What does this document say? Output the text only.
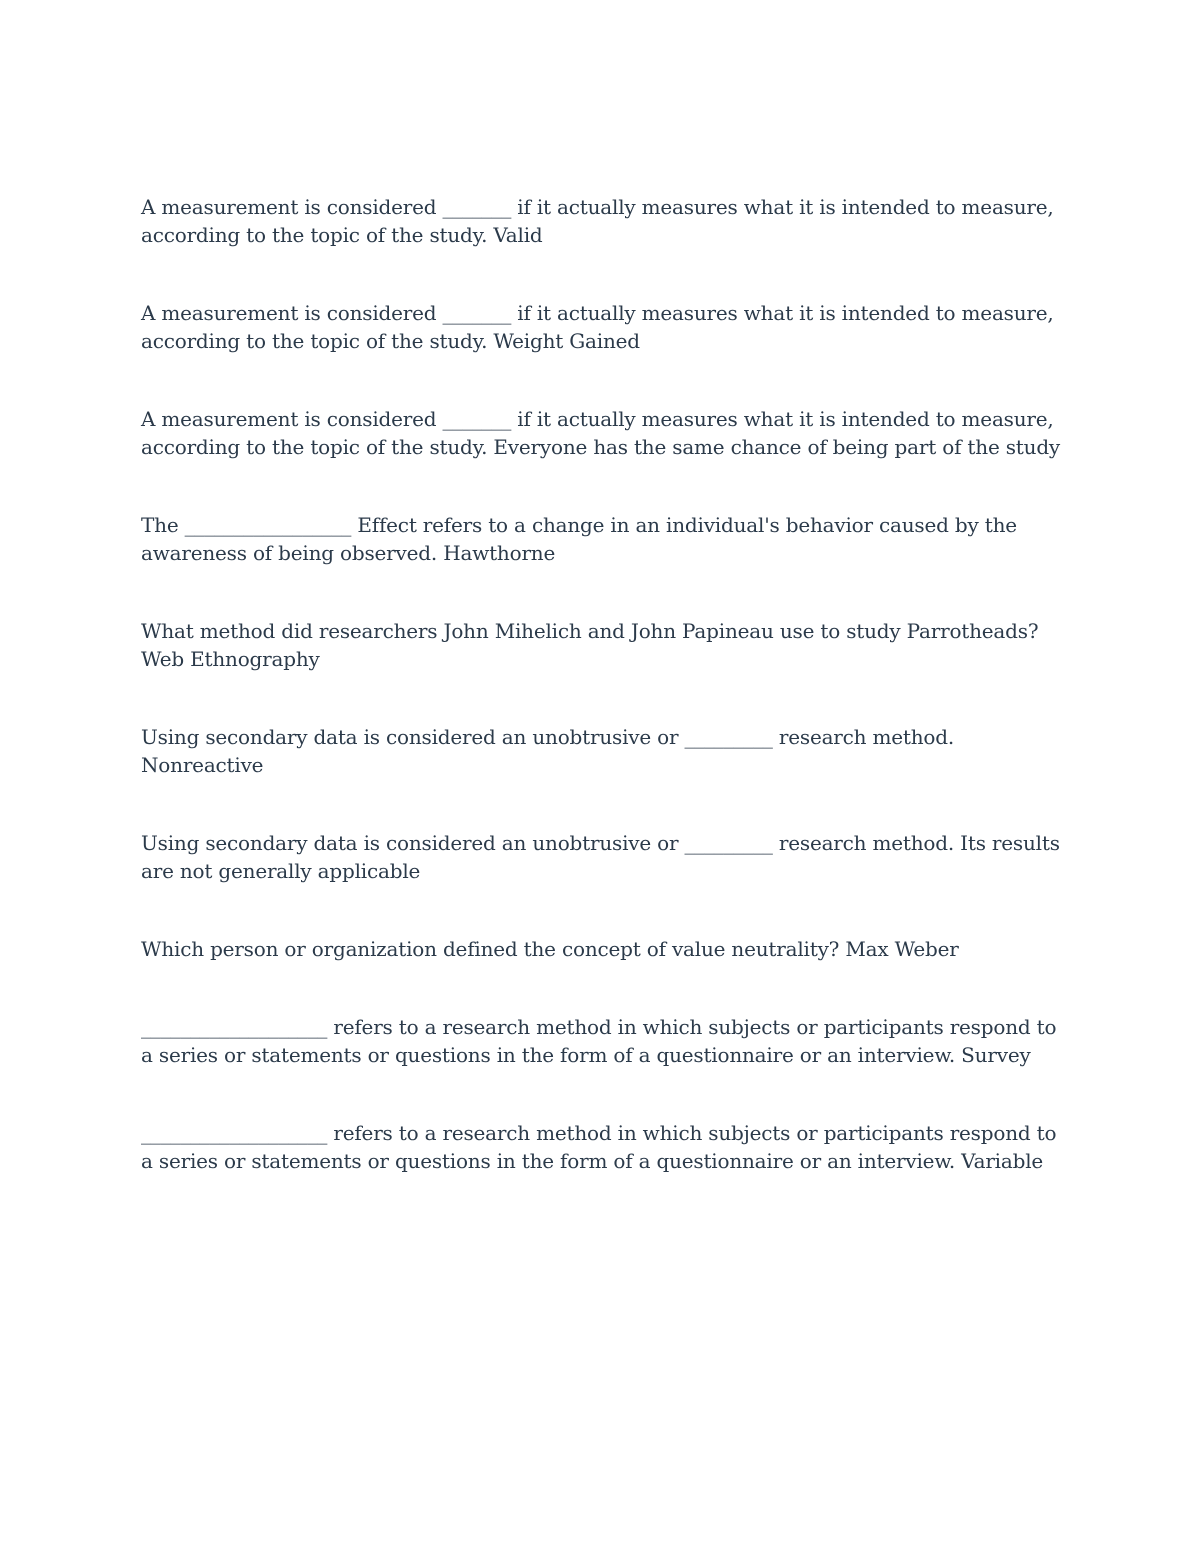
A measurement is considered _______ if it actually measures what it is intended to measure, according to the topic of the study. Valid

A measurement is considered _______ if it actually measures what it is intended to measure, according to the topic of the study. Weight Gained

A measurement is considered _______ if it actually measures what it is intended to measure, according to the topic of the study. Everyone has the same chance of being part of the study

The _________________ Effect refers to a change in an individual's behavior caused by the awareness of being observed. Hawthorne

What method did researchers John Mihelich and John Papineau use to study Parrotheads? Web Ethnography

Using secondary data is considered an unobtrusive or _________ research method. Nonreactive

Using secondary data is considered an unobtrusive or _________ research method. Its results are not generally applicable

Which person or organization defined the concept of value neutrality? Max Weber

___________________ refers to a research method in which subjects or participants respond to a series or statements or questions in the form of a questionnaire or an interview. Survey

___________________ refers to a research method in which subjects or participants respond to a series or statements or questions in the form of a questionnaire or an interview. Variable
